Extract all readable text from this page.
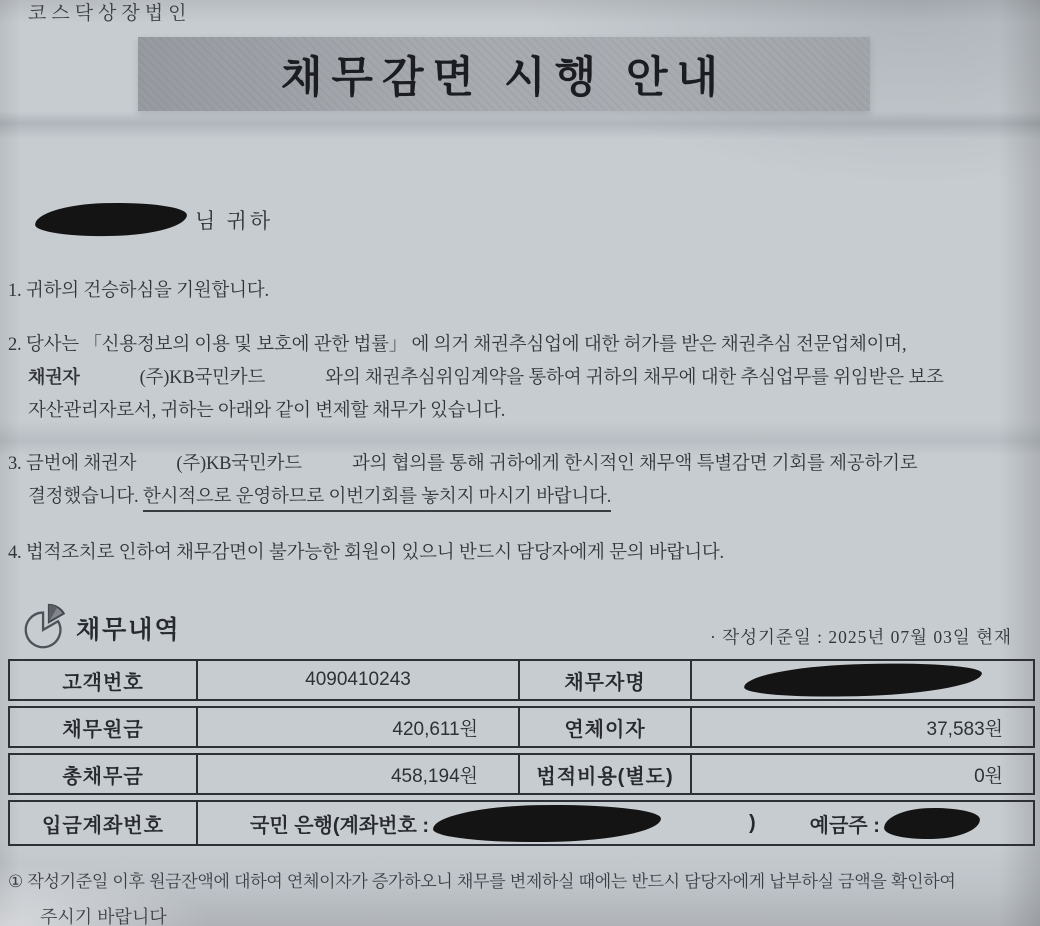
코스닥상장법인
채무감면 시행 안내
님 귀하
1. 귀하의 건승하심을 기원합니다.
2. 당사는 「신용정보의 이용 및 보호에 관한 법률」 에 의거 채권추심업에 대한 허가를 받은 채권추심 전문업체이며,
채권자	(주)KB국민카드	와의 채권추심위임계약을 통하여 귀하의 채무에 대한 추심업무를 위임받은 보조
자산관리자로서, 귀하는 아래와 같이 변제할 채무가 있습니다.
3. 금번에 채권자 (주)KB국민카드	과의 협의를 통해 귀하에게 한시적인 채무액 특별감면 기회를 제공하기로
결정했습니다. 한시적으로 운영하므로 이번기회를 놓치지 마시기 바랍니다.
4. 법적조치로 인하여 채무감면이 불가능한 회원이 있으니 반드시 담당자에게 문의 바랍니다.
채무내역	· 작성기준일 : 2025년 07월 03일 현재
고객번호	4090410243	채무자명
채무원금	420,611원	연체이자	37,583원
총채무금	458,194원	법적비용(별도)	0원
입금계좌번호	국민 은행(계좌번호 :	)	예금주 :
① 작성기준일 이후 원금잔액에 대하여 연체이자가 증가하오니 채무를 변제하실 때에는 반드시 담당자에게 납부하실 금액을 확인하여
주시기 바랍니다
